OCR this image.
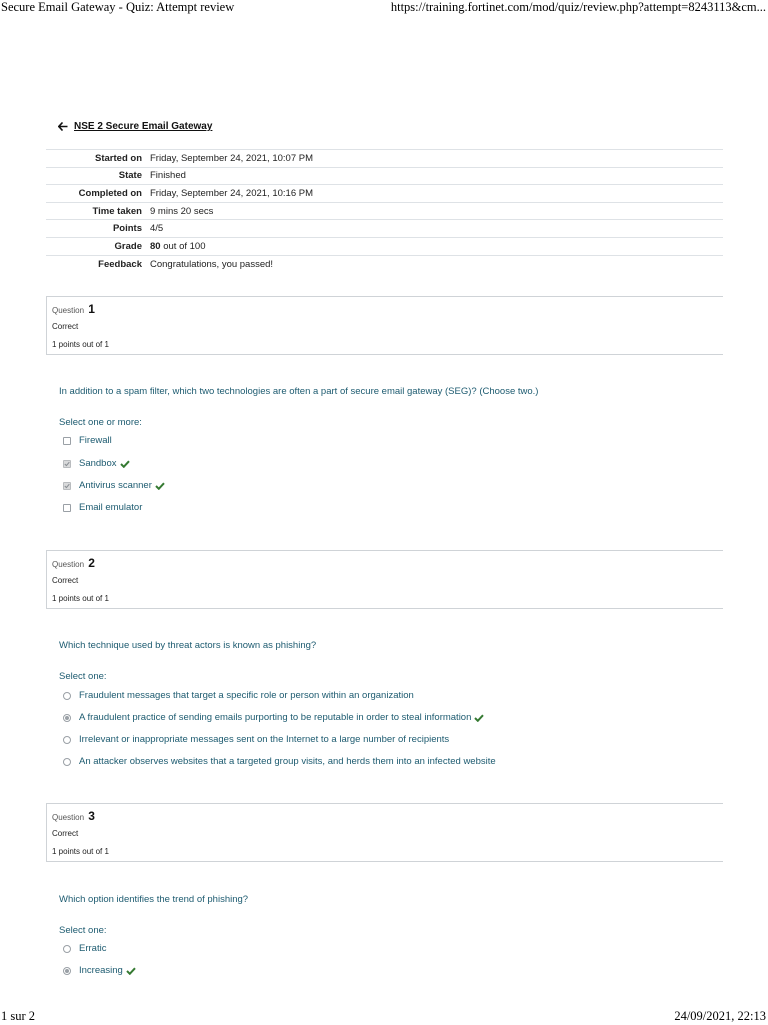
Secure Email Gateway - Quiz: Attempt review	https://training.fortinet.com/mod/quiz/review.php?attempt=8243113&cm...
NSE 2 Secure Email Gateway
Started on	Friday, September 24, 2021, 10:07 PM
State	Finished
Completed on	Friday, September 24, 2021, 10:16 PM
Time taken	9 mins 20 secs
Points	4/5
Grade	80 out of 100
Feedback	Congratulations, you passed!
Question 1
Correct
1 points out of 1
In addition to a spam filter, which two technologies are often a part of secure email gateway (SEG)? (Choose two.)
Select one or more:
Firewall
Sandbox
Antivirus scanner
Email emulator
Question 2
Correct
1 points out of 1
Which technique used by threat actors is known as phishing?
Select one:
Fraudulent messages that target a specific role or person within an organization
A fraudulent practice of sending emails purporting to be reputable in order to steal information
Irrelevant or inappropriate messages sent on the Internet to a large number of recipients
An attacker observes websites that a targeted group visits, and herds them into an infected website
Question 3
Correct
1 points out of 1
Which option identifies the trend of phishing?
Select one:
Erratic
Increasing
1 sur 2	24/09/2021, 22:13
